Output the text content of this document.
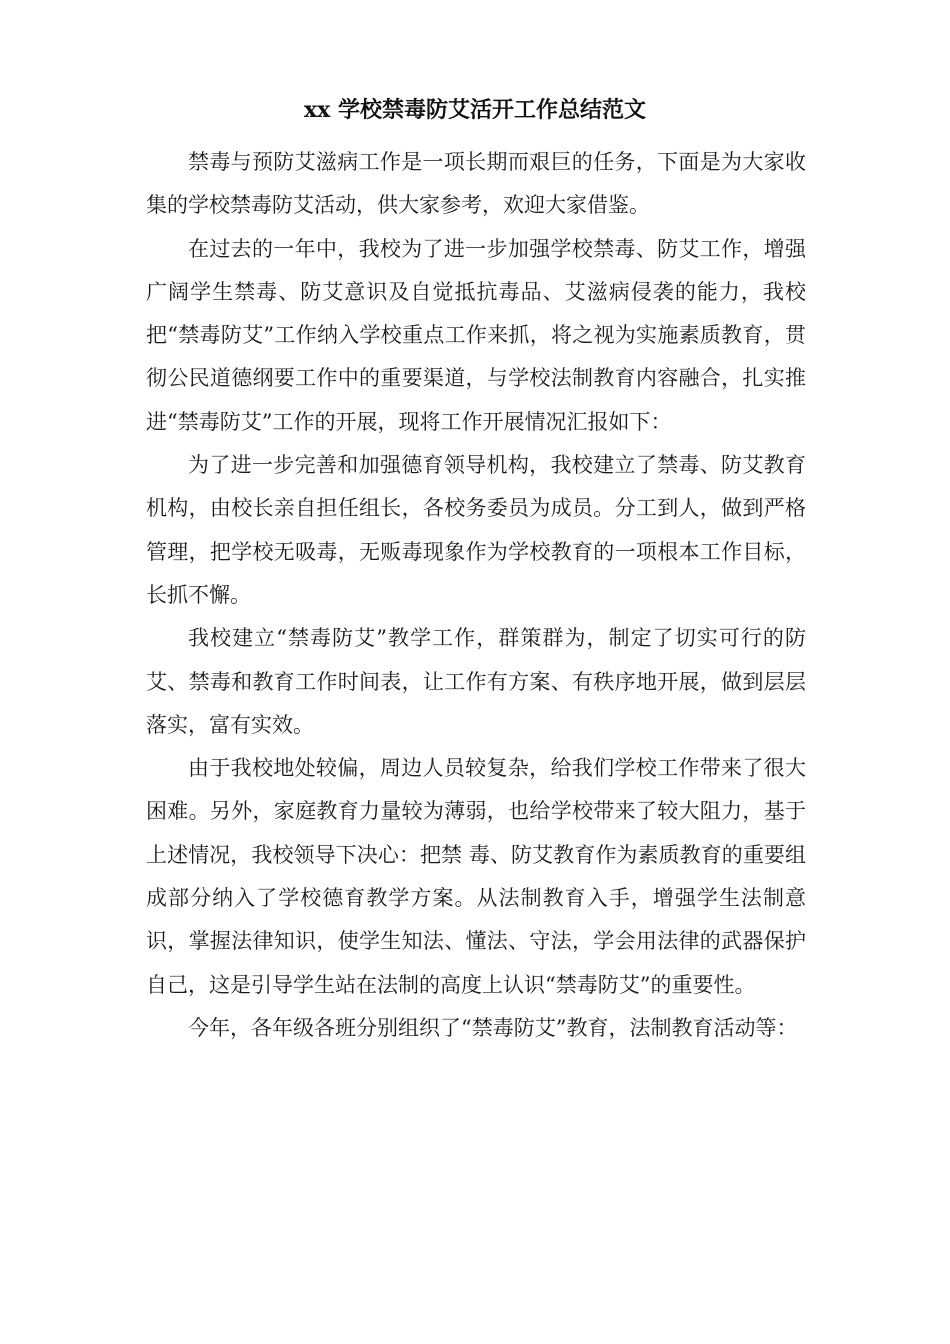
xx 学校禁毒防艾活开工作总结范文

禁毒与预防艾滋病工作是一项长期而艰巨的任务，下面是为大家收集的学校禁毒防艾活动，供大家参考，欢迎大家借鉴。

在过去的一年中，我校为了进一步加强学校禁毒、防艾工作，增强广阔学生禁毒、防艾意识及自觉抵抗毒品、艾滋病侵袭的能力，我校把“禁毒防艾”工作纳入学校重点工作来抓，将之视为实施素质教育，贯彻公民道德纲要工作中的重要渠道，与学校法制教育内容融合，扎实推进“禁毒防艾”工作的开展，现将工作开展情况汇报如下：

为了进一步完善和加强德育领导机构，我校建立了禁毒、防艾教育机构，由校长亲自担任组长，各校务委员为成员。分工到人，做到严格管理，把学校无吸毒，无贩毒现象作为学校教育的一项根本工作目标，长抓不懈。

我校建立“禁毒防艾”教学工作，群策群为，制定了切实可行的防艾、禁毒和教育工作时间表，让工作有方案、有秩序地开展，做到层层落实，富有实效。

由于我校地处较偏，周边人员较复杂，给我们学校工作带来了很大困难。另外，家庭教育力量较为薄弱，也给学校带来了较大阻力，基于上述情况，我校领导下决心：把禁 毒、防艾教育作为素质教育的重要组成部分纳入了学校德育教学方案。从法制教育入手，增强学生法制意识，掌握法律知识，使学生知法、懂法、守法，学会用法律的武器保护自己，这是引导学生站在法制的高度上认识“禁毒防艾”的重要性。

今年，各年级各班分别组织了“禁毒防艾”教育，法制教育活动等：
